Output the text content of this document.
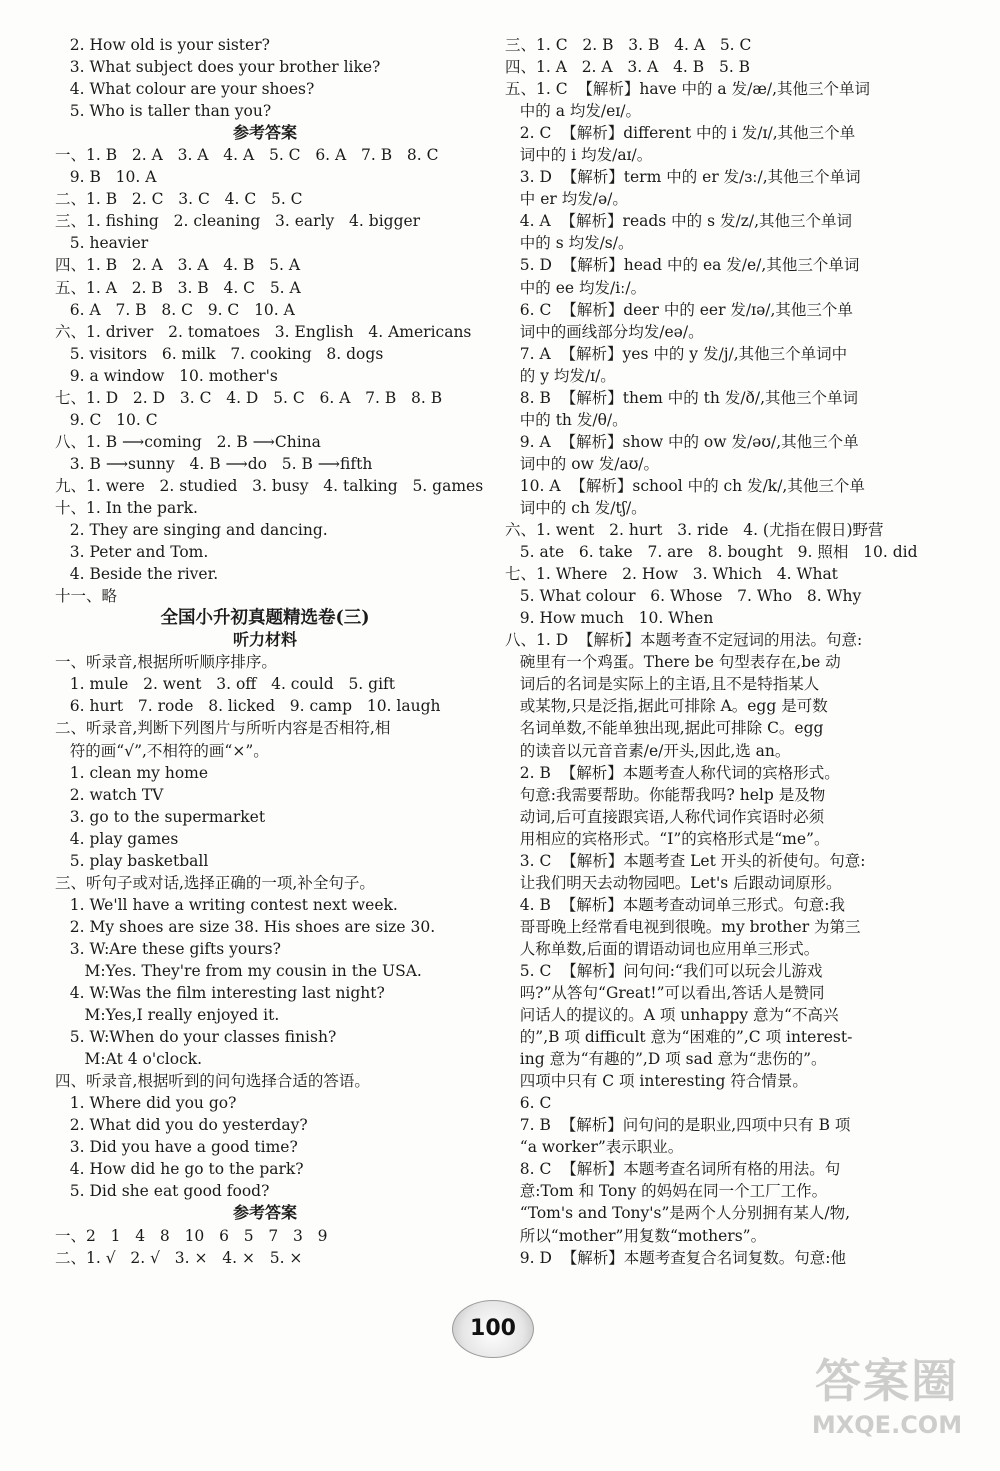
2. How old is your sister?
3. What subject does your brother like?
4. What colour are your shoes?
5. Who is taller than you?
参考答案
一、1. B   2. A   3. A   4. A   5. C   6. A   7. B   8. C
9. B   10. A
二、1. B   2. C   3. C   4. C   5. C
三、1. fishing   2. cleaning   3. early   4. bigger
5. heavier
四、1. B   2. A   3. A   4. B   5. A
五、1. A   2. B   3. B   4. C   5. A
6. A   7. B   8. C   9. C   10. A
六、1. driver   2. tomatoes   3. English   4. Americans
5. visitors   6. milk   7. cooking   8. dogs
9. a window   10. mother's
七、1. D   2. D   3. C   4. D   5. C   6. A   7. B   8. B
9. C   10. C
八、1. B ⟶coming   2. B ⟶China
3. B ⟶sunny   4. B ⟶do   5. B ⟶fifth
九、1. were   2. studied   3. busy   4. talking   5. games
十、1. In the park.
2. They are singing and dancing.
3. Peter and Tom.
4. Beside the river.
十一、略
全国小升初真题精选卷(三)
听力材料
一、听录音,根据所听顺序排序。
1. mule   2. went   3. off   4. could   5. gift
6. hurt   7. rode   8. licked   9. camp   10. laugh
二、听录音,判断下列图片与所听内容是否相符,相
符的画“√”,不相符的画“×”。
1. clean my home
2. watch TV
3. go to the supermarket
4. play games
5. play basketball
三、听句子或对话,选择正确的一项,补全句子。
1. We'll have a writing contest next week.
2. My shoes are size 38. His shoes are size 30.
3. W:Are these gifts yours?
M:Yes. They're from my cousin in the USA.
4. W:Was the film interesting last night?
M:Yes,I really enjoyed it.
5. W:When do your classes finish?
M:At 4 o'clock.
四、听录音,根据听到的问句选择合适的答语。
1. Where did you go?
2. What did you do yesterday?
3. Did you have a good time?
4. How did he go to the park?
5. Did she eat good food?
参考答案
一、2   1   4   8   10   6   5   7   3   9
二、1. √   2. √   3. ×   4. ×   5. ×
三、1. C   2. B   3. B   4. A   5. C
四、1. A   2. A   3. A   4. B   5. B
五、1. C  【解析】have 中的 a 发/æ/,其他三个单词
中的 a 均发/eɪ/。
2. C  【解析】different 中的 i 发/ɪ/,其他三个单
词中的 i 均发/aɪ/。
3. D  【解析】term 中的 er 发/ɜː/,其他三个单词
中 er 均发/ə/。
4. A  【解析】reads 中的 s 发/z/,其他三个单词
中的 s 均发/s/。
5. D  【解析】head 中的 ea 发/e/,其他三个单词
中的 ee 均发/iː/。
6. C  【解析】deer 中的 eer 发/ɪə/,其他三个单
词中的画线部分均发/eə/。
7. A  【解析】yes 中的 y 发/j/,其他三个单词中
的 y 均发/ɪ/。
8. B  【解析】them 中的 th 发/ð/,其他三个单词
中的 th 发/θ/。
9. A  【解析】show 中的 ow 发/əʊ/,其他三个单
词中的 ow 发/aʊ/。
10. A  【解析】school 中的 ch 发/k/,其他三个单
词中的 ch 发/tʃ/。
六、1. went   2. hurt   3. ride   4. (尤指在假日)野营
5. ate   6. take   7. are   8. bought   9. 照相   10. did
七、1. Where   2. How   3. Which   4. What
5. What colour   6. Whose   7. Who   8. Why
9. How much   10. When
八、1. D  【解析】本题考查不定冠词的用法。句意:
碗里有一个鸡蛋。There be 句型表存在,be 动
词后的名词是实际上的主语,且不是特指某人
或某物,只是泛指,据此可排除 A。egg 是可数
名词单数,不能单独出现,据此可排除 C。egg
的读音以元音音素/e/开头,因此,选 an。
2. B  【解析】本题考查人称代词的宾格形式。
句意:我需要帮助。你能帮我吗? help 是及物
动词,后可直接跟宾语,人称代词作宾语时必须
用相应的宾格形式。“I”的宾格形式是“me”。
3. C  【解析】本题考查 Let 开头的祈使句。句意:
让我们明天去动物园吧。Let's 后跟动词原形。
4. B  【解析】本题考查动词单三形式。句意:我
哥哥晚上经常看电视到很晚。my brother 为第三
人称单数,后面的谓语动词也应用单三形式。
5. C  【解析】问句问:“我们可以玩会儿游戏
吗?”从答句“Great!”可以看出,答话人是赞同
问话人的提议的。A 项 unhappy 意为“不高兴
的”,B 项 difficult 意为“困难的”,C 项 interest-
ing 意为“有趣的”,D 项 sad 意为“悲伤的”。
四项中只有 C 项 interesting 符合情景。
6. C
7. B  【解析】问句问的是职业,四项中只有 B 项
“a worker”表示职业。
8. C  【解析】本题考查名词所有格的用法。句
意:Tom 和 Tony 的妈妈在同一个工厂工作。
“Tom's and Tony's”是两个人分别拥有某人/物,
所以“mother”用复数“mothers”。
9. D  【解析】本题考查复合名词复数。句意:他
100
答案圈
MXQE.COM
